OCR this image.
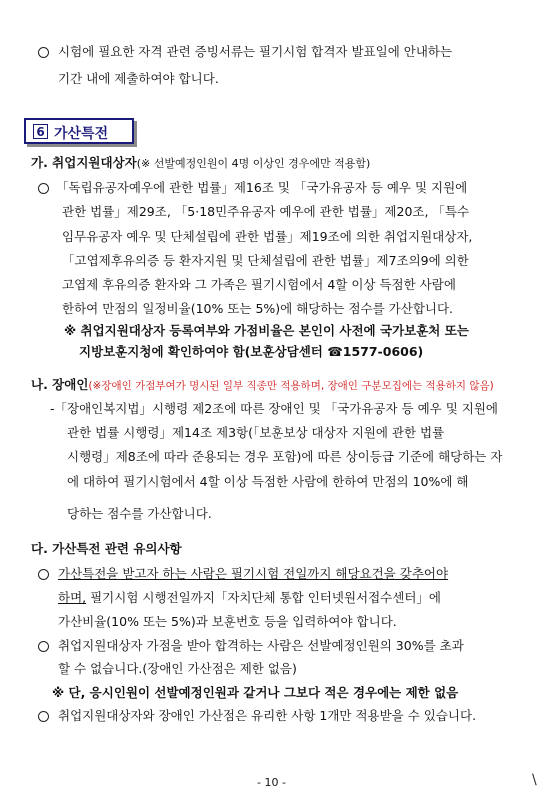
시험에 필요한 자격 관련 증빙서류는 필기시험 합격자 발표일에 안내하는
기간 내에 제출하여야 합니다.
6 가산특전
가. 취업지원대상자(※ 선발예정인원이 4명 이상인 경우에만 적용함)
「독립유공자예우에 관한 법률」제16조 및 「국가유공자 등 예우 및 지원에
관한 법률」제29조, 「5·18민주유공자 예우에 관한 법률」제20조, 「특수
임무유공자 예우 및 단체설립에 관한 법률」제19조에 의한 취업지원대상자,
「고엽제후유의증 등 환자지원 및 단체설립에 관한 법률」제7조의9에 의한
고엽제 후유의증 환자와 그 가족은 필기시험에서 4할 이상 득점한 사람에
한하여 만점의 일정비율(10% 또는 5%)에 해당하는 점수를 가산합니다.
※ 취업지원대상자 등록여부와 가점비율은 본인이 사전에 국가보훈처 또는
지방보훈지청에 확인하여야 함(보훈상담센터 ☎1577-0606)
나. 장애인(※장애인 가점부여가 명시된 일부 직종만 적용하며, 장애인 구분모집에는 적용하지 않음)
-「장애인복지법」시행령 제2조에 따른 장애인 및 「국가유공자 등 예우 및 지원에
관한 법률 시행령」제14조 제3항(「보훈보상 대상자 지원에 관한 법률
시행령」제8조에 따라 준용되는 경우 포함)에 따른 상이등급 기준에 해당하는 자
에 대하여 필기시험에서 4할 이상 득점한 사람에 한하여 만점의 10%에 해
당하는 점수를 가산합니다.
다. 가산특전 관련 유의사항
가산특전을 받고자 하는 사람은 필기시험 전일까지 해당요건을 갖추어야
하며, 필기시험 시행전일까지「자치단체 통합 인터넷원서접수센터」에
가산비율(10% 또는 5%)과 보훈번호 등을 입력하여야 합니다.
취업지원대상자 가점을 받아 합격하는 사람은 선발예정인원의 30%를 초과
할 수 없습니다.(장애인 가산점은 제한 없음)
※ 단, 응시인원이 선발예정인원과 같거나 그보다 적은 경우에는 제한 없음
취업지원대상자와 장애인 가산점은 유리한 사항 1개만 적용받을 수 있습니다.
- 10 -	\
